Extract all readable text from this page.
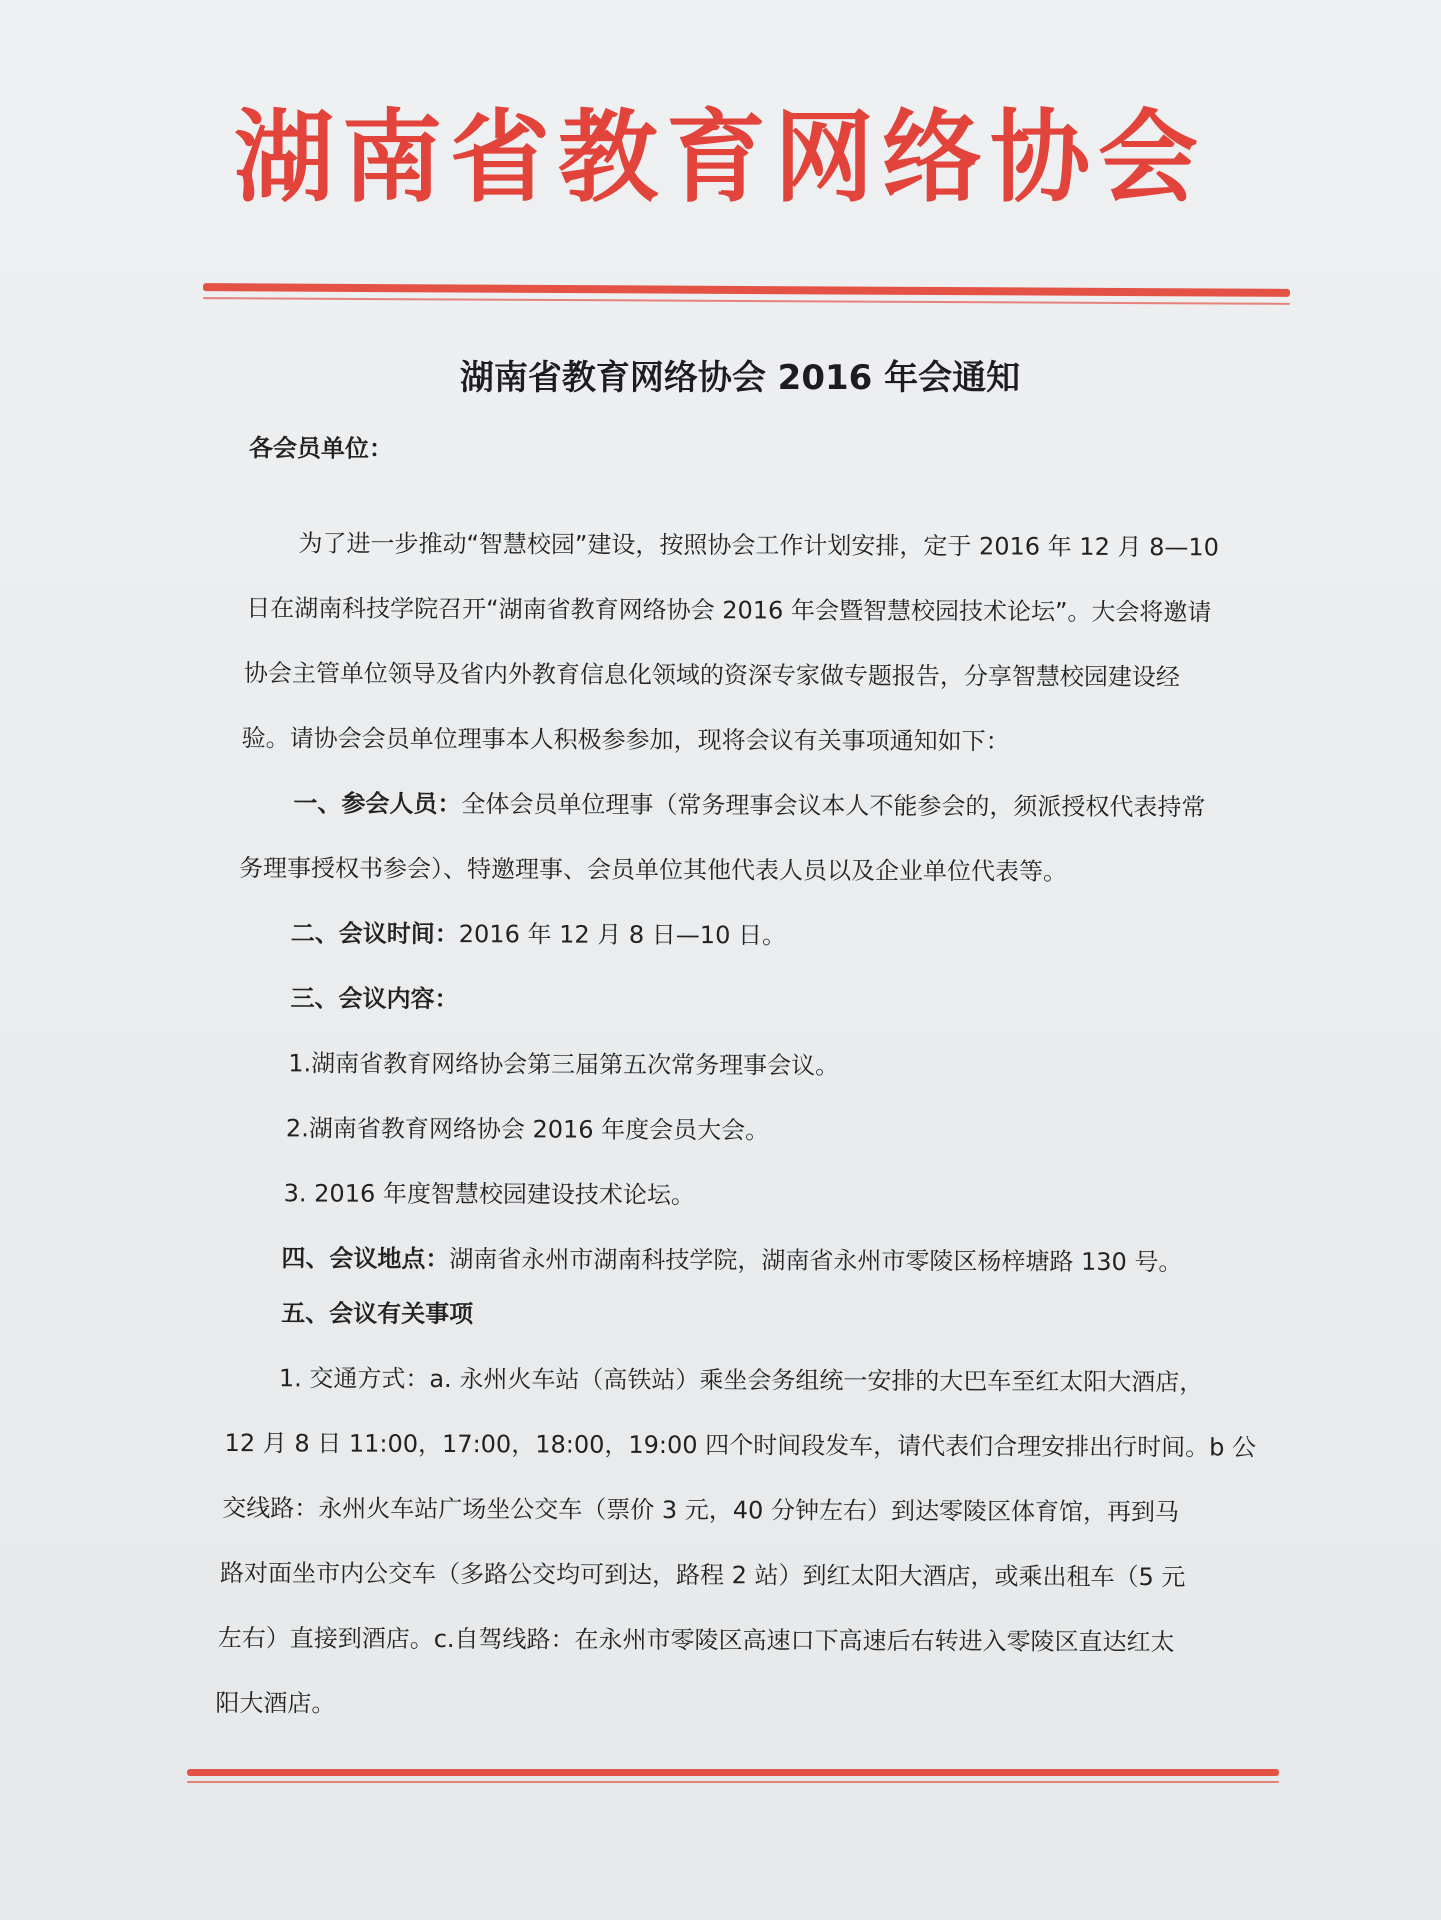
湖南省教育网络协会
湖南省教育网络协会 2016 年会通知
各会员单位：
为了进一步推动“智慧校园”建设，按照协会工作计划安排，定于 2016 年 12 月 8—10
日在湖南科技学院召开“湖南省教育网络协会 2016 年会暨智慧校园技术论坛”。大会将邀请
协会主管单位领导及省内外教育信息化领域的资深专家做专题报告，分享智慧校园建设经
验。请协会会员单位理事本人积极参参加，现将会议有关事项通知如下：
一、参会人员：全体会员单位理事（常务理事会议本人不能参会的，须派授权代表持常
务理事授权书参会）、特邀理事、会员单位其他代表人员以及企业单位代表等。
二、会议时间：2016 年 12 月 8 日—10 日。
三、会议内容：
1.湖南省教育网络协会第三届第五次常务理事会议。
2.湖南省教育网络协会 2016 年度会员大会。
3. 2016 年度智慧校园建设技术论坛。
四、会议地点：湖南省永州市湖南科技学院，湖南省永州市零陵区杨梓塘路 130 号。
五、会议有关事项
1. 交通方式：a. 永州火车站（高铁站）乘坐会务组统一安排的大巴车至红太阳大酒店，
12 月 8 日 11:00，17:00，18:00，19:00 四个时间段发车，请代表们合理安排出行时间。b 公
交线路：永州火车站广场坐公交车（票价 3 元，40 分钟左右）到达零陵区体育馆，再到马
路对面坐市内公交车（多路公交均可到达，路程 2 站）到红太阳大酒店，或乘出租车（5 元
左右）直接到酒店。c.自驾线路：在永州市零陵区高速口下高速后右转进入零陵区直达红太
阳大酒店。
